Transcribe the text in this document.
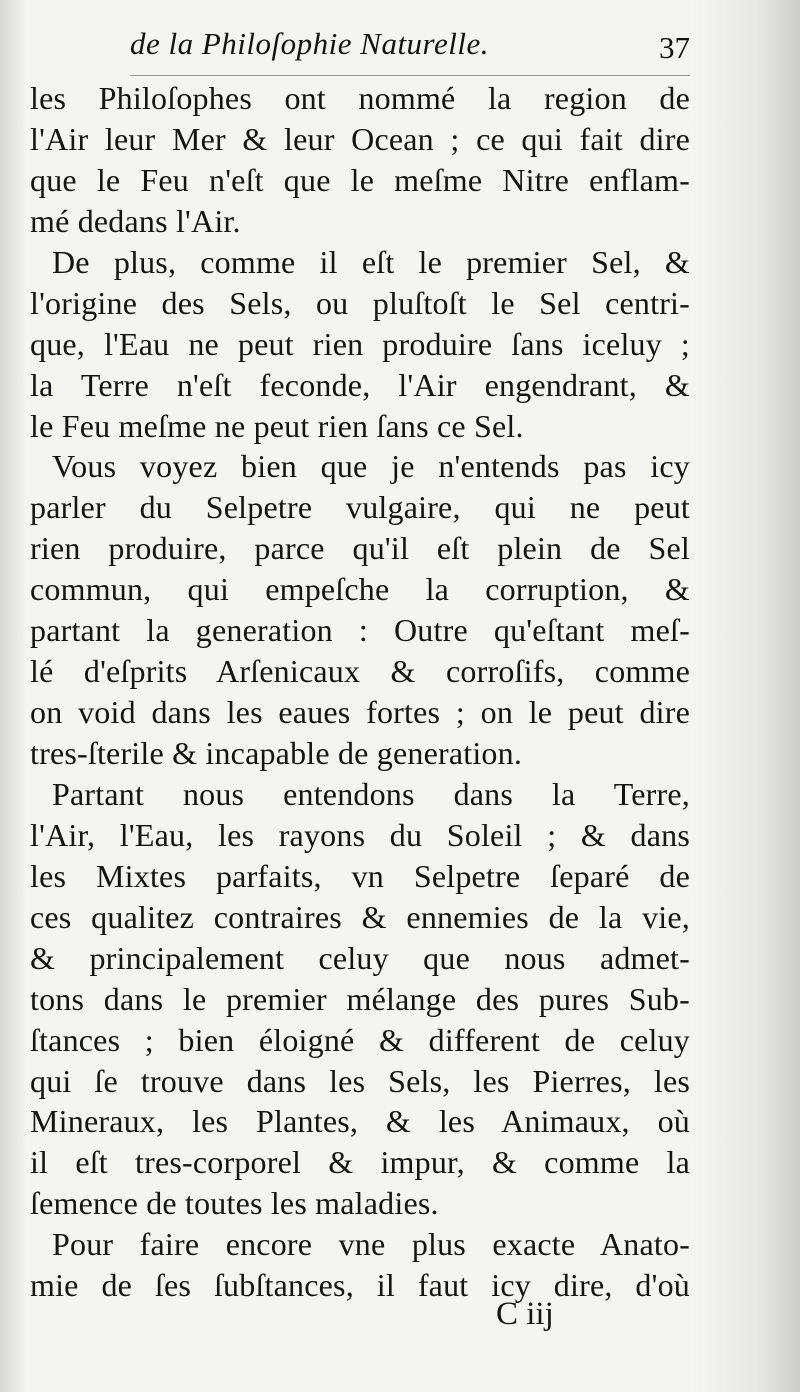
de la Philoſophie Naturelle.	37
les Philoſophes ont nommé la region de
l'Air leur Mer & leur Ocean ; ce qui fait dire
que le Feu n'eſt que le meſme Nitre enflam-
mé dedans l'Air.
De plus, comme il eſt le premier Sel, &
l'origine des Sels, ou pluſtoſt le Sel centri-
que, l'Eau ne peut rien produire ſans iceluy ;
la Terre n'eſt feconde, l'Air engendrant, &
le Feu meſme ne peut rien ſans ce Sel.
Vous voyez bien que je n'entends pas icy
parler du Selpetre vulgaire, qui ne peut
rien produire, parce qu'il eſt plein de Sel
commun, qui empeſche la corruption, &
partant la generation : Outre qu'eſtant meſ-
lé d'eſprits Arſenicaux & corroſifs, comme
on void dans les eaues fortes ; on le peut dire
tres-ſterile & incapable de generation.
Partant nous entendons dans la Terre,
l'Air, l'Eau, les rayons du Soleil ; & dans
les Mixtes parfaits, vn Selpetre ſeparé de
ces qualitez contraires & ennemies de la vie,
& principalement celuy que nous admet-
tons dans le premier mélange des pures Sub-
ſtances ; bien éloigné & different de celuy
qui ſe trouve dans les Sels, les Pierres, les
Mineraux, les Plantes, & les Animaux, où
il eſt tres-corporel & impur, & comme la
ſemence de toutes les maladies.
Pour faire encore vne plus exacte Anato-
mie de ſes ſubſtances, il faut icy dire, d'où
C iij
